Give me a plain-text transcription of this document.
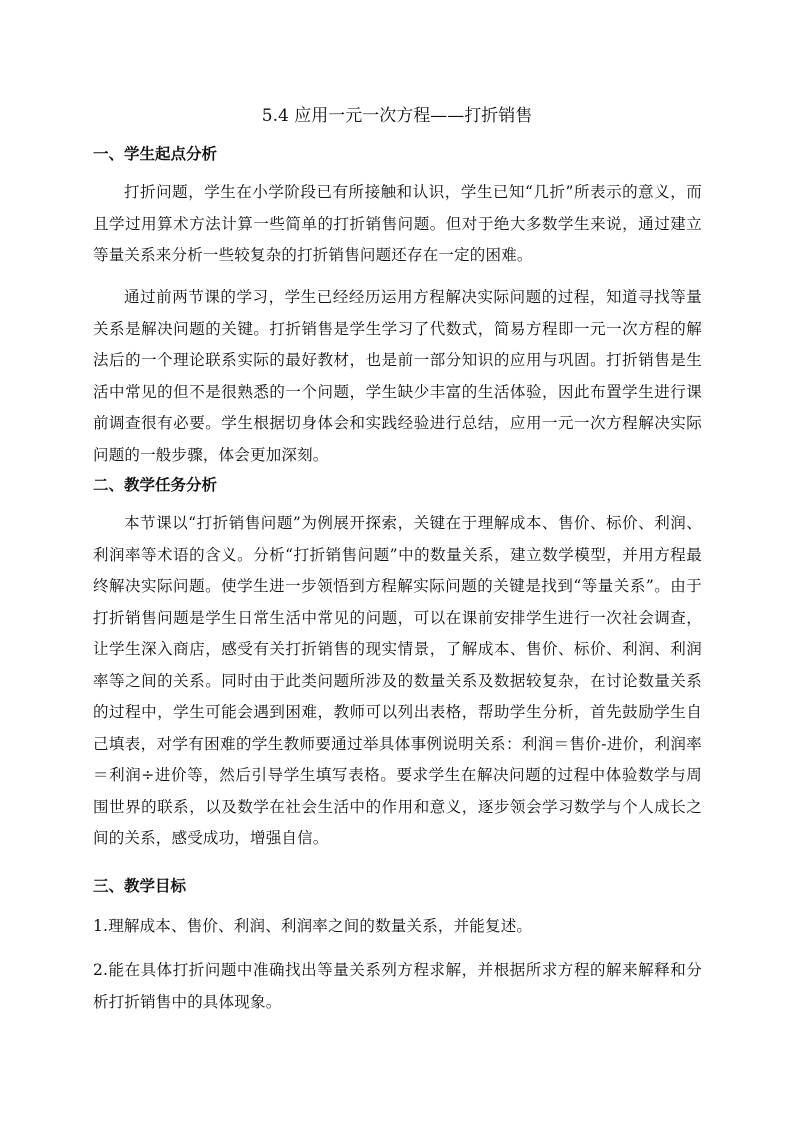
5.4 应用一元一次方程——打折销售
一、学生起点分析

打折问题，学生在小学阶段已有所接触和认识，学生已知“几折”所表示的意义，而且学过用算术方法计算一些简单的打折销售问题。但对于绝大多数学生来说，通过建立等量关系来分析一些较复杂的打折销售问题还存在一定的困难。

通过前两节课的学习，学生已经经历运用方程解决实际问题的过程，知道寻找等量关系是解决问题的关键。打折销售是学生学习了代数式，简易方程即一元一次方程的解法后的一个理论联系实际的最好教材，也是前一部分知识的应用与巩固。打折销售是生活中常见的但不是很熟悉的一个问题，学生缺少丰富的生活体验，因此布置学生进行课前调查很有必要。学生根据切身体会和实践经验进行总结，应用一元一次方程解决实际问题的一般步骤，体会更加深刻。

二、教学任务分析

本节课以“打折销售问题”为例展开探索，关键在于理解成本、售价、标价、利润、利润率等术语的含义。分析“打折销售问题”中的数量关系，建立数学模型，并用方程最终解决实际问题。使学生进一步领悟到方程解实际问题的关键是找到“等量关系”。由于打折销售问题是学生日常生活中常见的问题，可以在课前安排学生进行一次社会调查，让学生深入商店，感受有关打折销售的现实情景，了解成本、售价、标价、利润、利润率等之间的关系。同时由于此类问题所涉及的数量关系及数据较复杂，在讨论数量关系的过程中，学生可能会遇到困难，教师可以列出表格，帮助学生分析，首先鼓励学生自己填表，对学有困难的学生教师要通过举具体事例说明关系：利润＝售价-进价，利润率＝利润÷进价等，然后引导学生填写表格。要求学生在解决问题的过程中体验数学与周围世界的联系，以及数学在社会生活中的作用和意义，逐步领会学习数学与个人成长之间的关系，感受成功，增强自信。

三、教学目标

1.理解成本、售价、利润、利润率之间的数量关系，并能复述。

2.能在具体打折问题中准确找出等量关系列方程求解，并根据所求方程的解来解释和分析打折销售中的具体现象。
